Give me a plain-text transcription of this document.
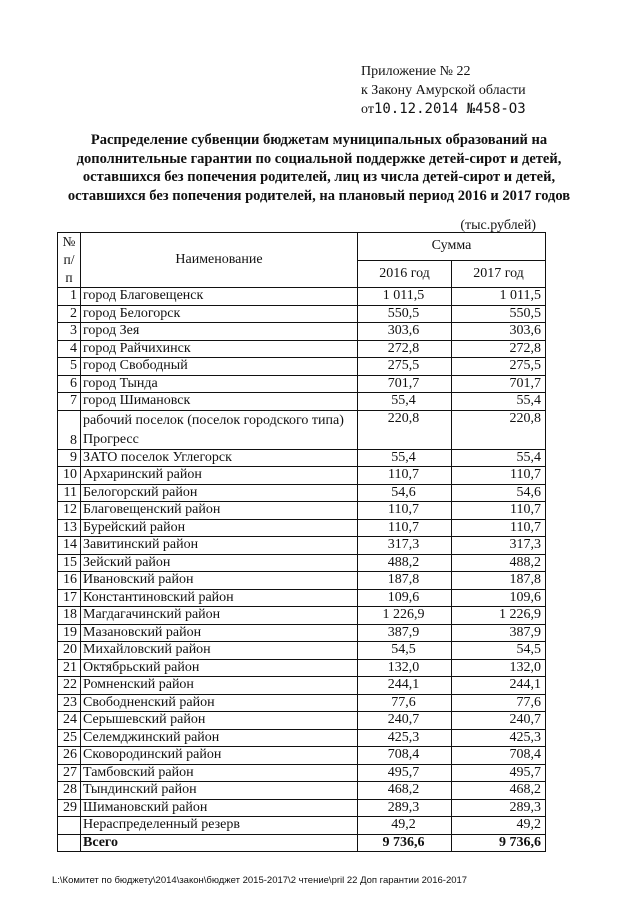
Приложение № 22
к Закону Амурской области
от10.12.2014 №458-ОЗ
Распределение субвенции бюджетам муниципальных образований на дополнительные гарантии по социальной поддержке детей-сирот и детей, оставшихся без попечения родителей, лиц из числа детей-сирот и детей, оставшихся без попечения родителей, на плановый период 2016 и 2017 годов
(тыс.рублей)
№ п/п	Наименование	Сумма	
		2016 год	2017 год
1	город Благовещенск	1 011,5	1 011,5
2	город Белогорск	550,5	550,5
3	город Зея	303,6	303,6
4	город Райчихинск	272,8	272,8
5	город Свободный	275,5	275,5
6	город Тында	701,7	701,7
7	город Шимановск	55,4	55,4
8	рабочий поселок (поселок городского типа) Прогресс	220,8	220,8
9	ЗАТО поселок Углегорск	55,4	55,4
10	Архаринский район	110,7	110,7
11	Белогорский район	54,6	54,6
12	Благовещенский район	110,7	110,7
13	Бурейский район	110,7	110,7
14	Завитинский район	317,3	317,3
15	Зейский район	488,2	488,2
16	Ивановский район	187,8	187,8
17	Константиновский район	109,6	109,6
18	Магдагачинский район	1 226,9	1 226,9
19	Мазановский район	387,9	387,9
20	Михайловский район	54,5	54,5
21	Октябрьский район	132,0	132,0
22	Ромненский район	244,1	244,1
23	Свободненский район	77,6	77,6
24	Серышевский район	240,7	240,7
25	Селемджинский район	425,3	425,3
26	Сковородинский район	708,4	708,4
27	Тамбовский район	495,7	495,7
28	Тындинский район	468,2	468,2
29	Шимановский район	289,3	289,3
	Нераспределенный резерв	49,2	49,2
	Всего	9 736,6	9 736,6
L:\Комитет по бюджету\2014\закон\бюджет 2015-2017\2 чтение\pril 22 Доп гарантии 2016-2017
